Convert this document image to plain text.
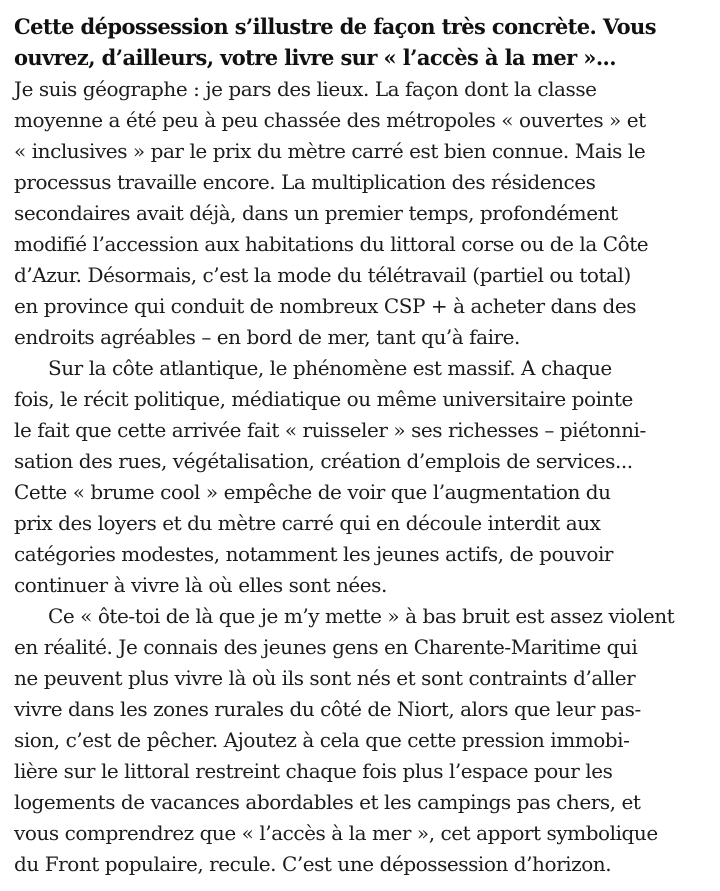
Cette dépossession s’illustre de façon très concrète. Vous

ouvrez, d’ailleurs, votre livre sur « l’accès à la mer »...

Je suis géographe : je pars des lieux. La façon dont la classe

moyenne a été peu à peu chassée des métropoles « ouvertes » et

« inclusives » par le prix du mètre carré est bien connue. Mais le

processus travaille encore. La multiplication des résidences

secondaires avait déjà, dans un premier temps, profondément

modifié l’accession aux habitations du littoral corse ou de la Côte

d’Azur. Désormais, c’est la mode du télétravail (partiel ou total)

en province qui conduit de nombreux CSP + à acheter dans des

endroits agréables – en bord de mer, tant qu’à faire.

Sur la côte atlantique, le phénomène est massif. A chaque

fois, le récit politique, médiatique ou même universitaire pointe

le fait que cette arrivée fait « ruisseler » ses richesses – piétonni-

sation des rues, végétalisation, création d’emplois de services...

Cette « brume cool » empêche de voir que l’augmentation du

prix des loyers et du mètre carré qui en découle interdit aux

catégories modestes, notamment les jeunes actifs, de pouvoir

continuer à vivre là où elles sont nées.

Ce « ôte-toi de là que je m’y mette » à bas bruit est assez violent

en réalité. Je connais des jeunes gens en Charente-Maritime qui

ne peuvent plus vivre là où ils sont nés et sont contraints d’aller

vivre dans les zones rurales du côté de Niort, alors que leur pas-

sion, c’est de pêcher. Ajoutez à cela que cette pression immobi-

lière sur le littoral restreint chaque fois plus l’espace pour les

logements de vacances abordables et les campings pas chers, et

vous comprendrez que « l’accès à la mer », cet apport symbolique

du Front populaire, recule. C’est une dépossession d’horizon.
